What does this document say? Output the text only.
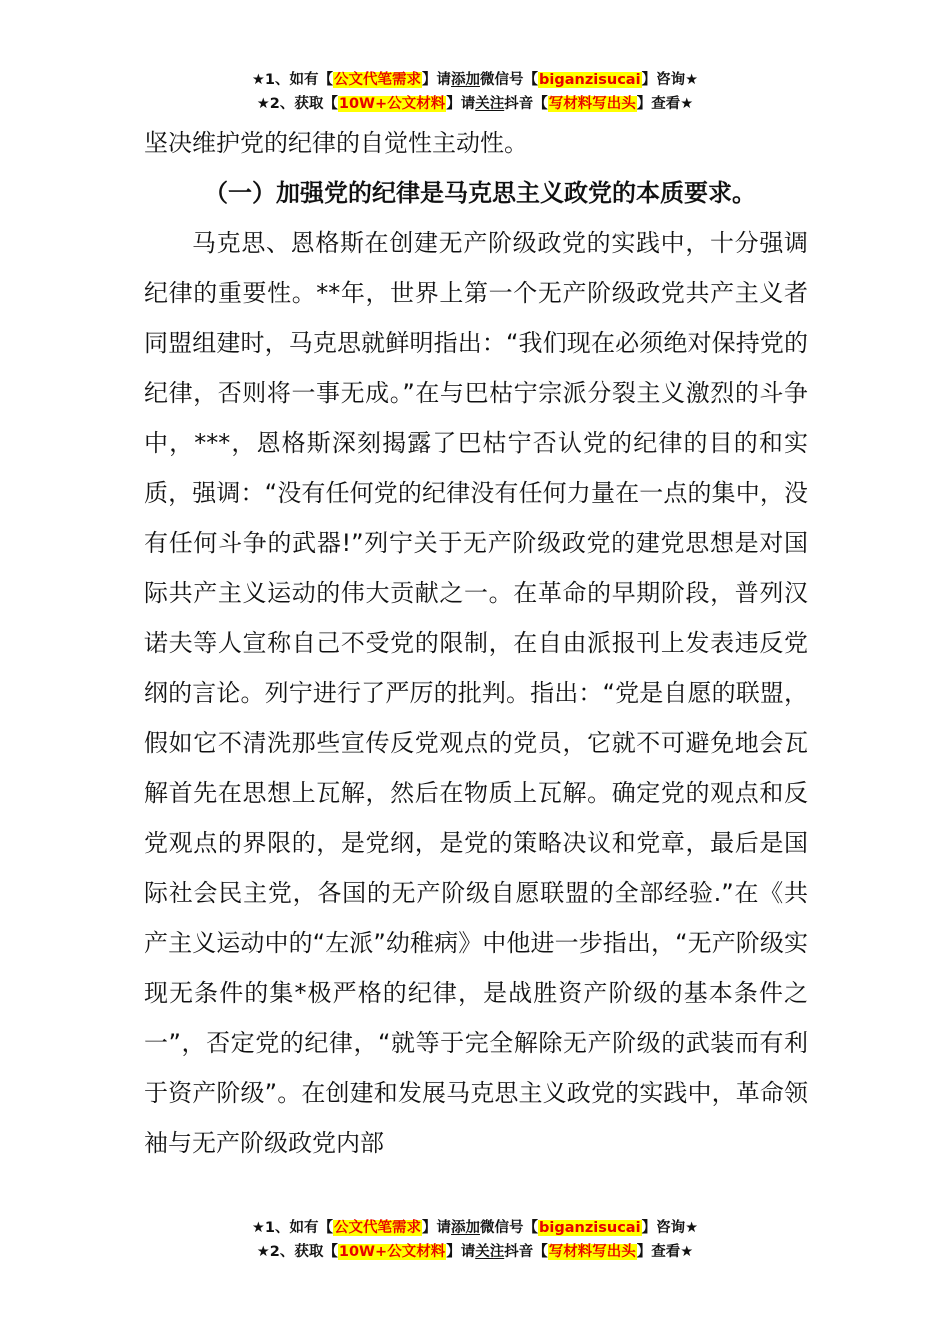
★1、如有【公文代笔需求】请添加微信号【biganzisucai】咨询★
★2、获取【10W+公文材料】请关注抖音【写材料写出头】查看★

坚决维护党的纪律的自觉性主动性。

（一）加强党的纪律是马克思主义政党的本质要求。

马克思、恩格斯在创建无产阶级政党的实践中，十分强调纪律的重要性。**年，世界上第一个无产阶级政党共产主义者同盟组建时，马克思就鲜明指出：“我们现在必须绝对保持党的纪律，否则将一事无成。”在与巴枯宁宗派分裂主义激烈的斗争中，***，恩格斯深刻揭露了巴枯宁否认党的纪律的目的和实质，强调：“没有任何党的纪律没有任何力量在一点的集中，没有任何斗争的武器!”列宁关于无产阶级政党的建党思想是对国际共产主义运动的伟大贡献之一。在革命的早期阶段，普列汉诺夫等人宣称自己不受党的限制，在自由派报刊上发表违反党纲的言论。列宁进行了严厉的批判。指出：“党是自愿的联盟，假如它不清洗那些宣传反党观点的党员，它就不可避免地会瓦解首先在思想上瓦解，然后在物质上瓦解。确定党的观点和反党观点的界限的，是党纲，是党的策略决议和党章，最后是国际社会民主党，各国的无产阶级自愿联盟的全部经验.”在《共产主义运动中的“左派”幼稚病》中他进一步指出，“无产阶级实现无条件的集*极严格的纪律，是战胜资产阶级的基本条件之一”，否定党的纪律，“就等于完全解除无产阶级的武装而有利于资产阶级”。在创建和发展马克思主义政党的实践中，革命领袖与无产阶级政党内部

★1、如有【公文代笔需求】请添加微信号【biganzisucai】咨询★
★2、获取【10W+公文材料】请关注抖音【写材料写出头】查看★
